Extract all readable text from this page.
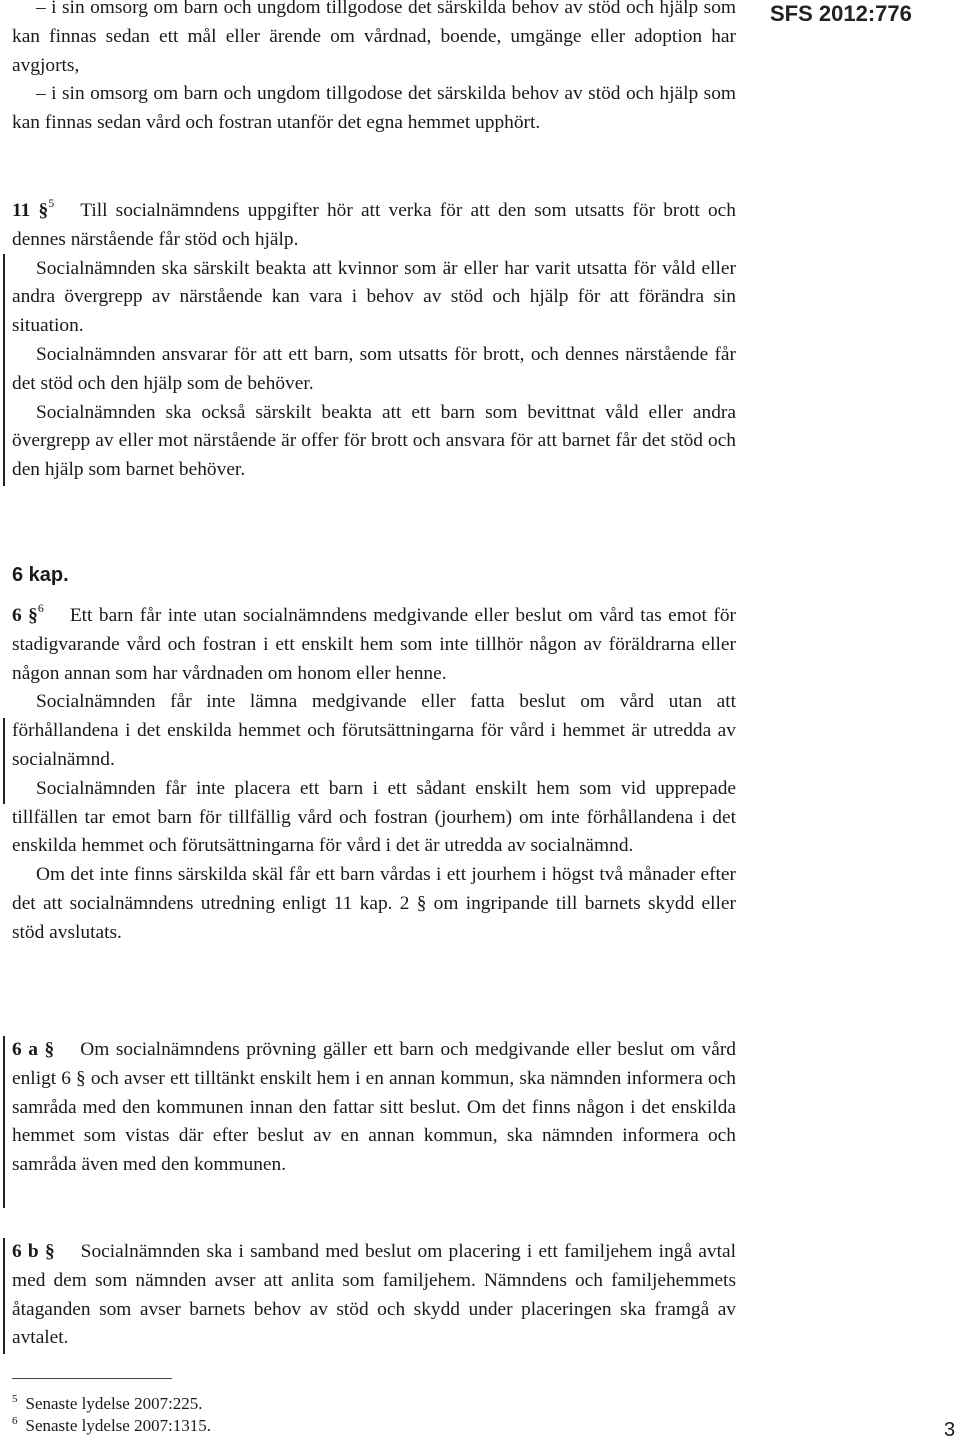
SFS 2012:776

– i sin omsorg om barn och ungdom tillgodose det särskilda behov av stöd och hjälp som kan finnas sedan ett mål eller ärende om vårdnad, boende, umgänge eller adoption har avgjorts,

– i sin omsorg om barn och ungdom tillgodose det särskilda behov av stöd och hjälp som kan finnas sedan vård och fostran utanför det egna hemmet upphört.

11 §$^5$ Till socialnämndens uppgifter hör att verka för att den som utsatts för brott och dennes närstående får stöd och hjälp.

Socialnämnden ska särskilt beakta att kvinnor som är eller har varit utsatta för våld eller andra övergrepp av närstående kan vara i behov av stöd och hjälp för att förändra sin situation.

Socialnämnden ansvarar för att ett barn, som utsatts för brott, och dennes närstående får det stöd och den hjälp som de behöver.

Socialnämnden ska också särskilt beakta att ett barn som bevittnat våld eller andra övergrepp av eller mot närstående är offer för brott och ansvara för att barnet får det stöd och den hjälp som barnet behöver.

6 kap.

6 §$^6$ Ett barn får inte utan socialnämndens medgivande eller beslut om vård tas emot för stadigvarande vård och fostran i ett enskilt hem som inte tillhör någon av föräldrarna eller någon annan som har vårdnaden om honom eller henne.

Socialnämnden får inte lämna medgivande eller fatta beslut om vård utan att förhållandena i det enskilda hemmet och förutsättningarna för vård i hemmet är utredda av socialnämnd.

Socialnämnden får inte placera ett barn i ett sådant enskilt hem som vid upprepade tillfällen tar emot barn för tillfällig vård och fostran (jourhem) om inte förhållandena i det enskilda hemmet och förutsättningarna för vård i det är utredda av socialnämnd.

Om det inte finns särskilda skäl får ett barn vårdas i ett jourhem i högst två månader efter det att socialnämndens utredning enligt 11 kap. 2 § om ingripande till barnets skydd eller stöd avslutats.

6 a § Om socialnämndens prövning gäller ett barn och medgivande eller beslut om vård enligt 6 § och avser ett tilltänkt enskilt hem i en annan kommun, ska nämnden informera och samråda med den kommunen innan den fattar sitt beslut. Om det finns någon i det enskilda hemmet som vistas där efter beslut av en annan kommun, ska nämnden informera och samråda även med den kommunen.

6 b § Socialnämnden ska i samband med beslut om placering i ett familjehem ingå avtal med dem som nämnden avser att anlita som familjehem. Nämndens och familjehemmets åtaganden som avser barnets behov av stöd och skydd under placeringen ska framgå av avtalet.

$^5$ Senaste lydelse 2007:225.
$^6$ Senaste lydelse 2007:1315.	3
